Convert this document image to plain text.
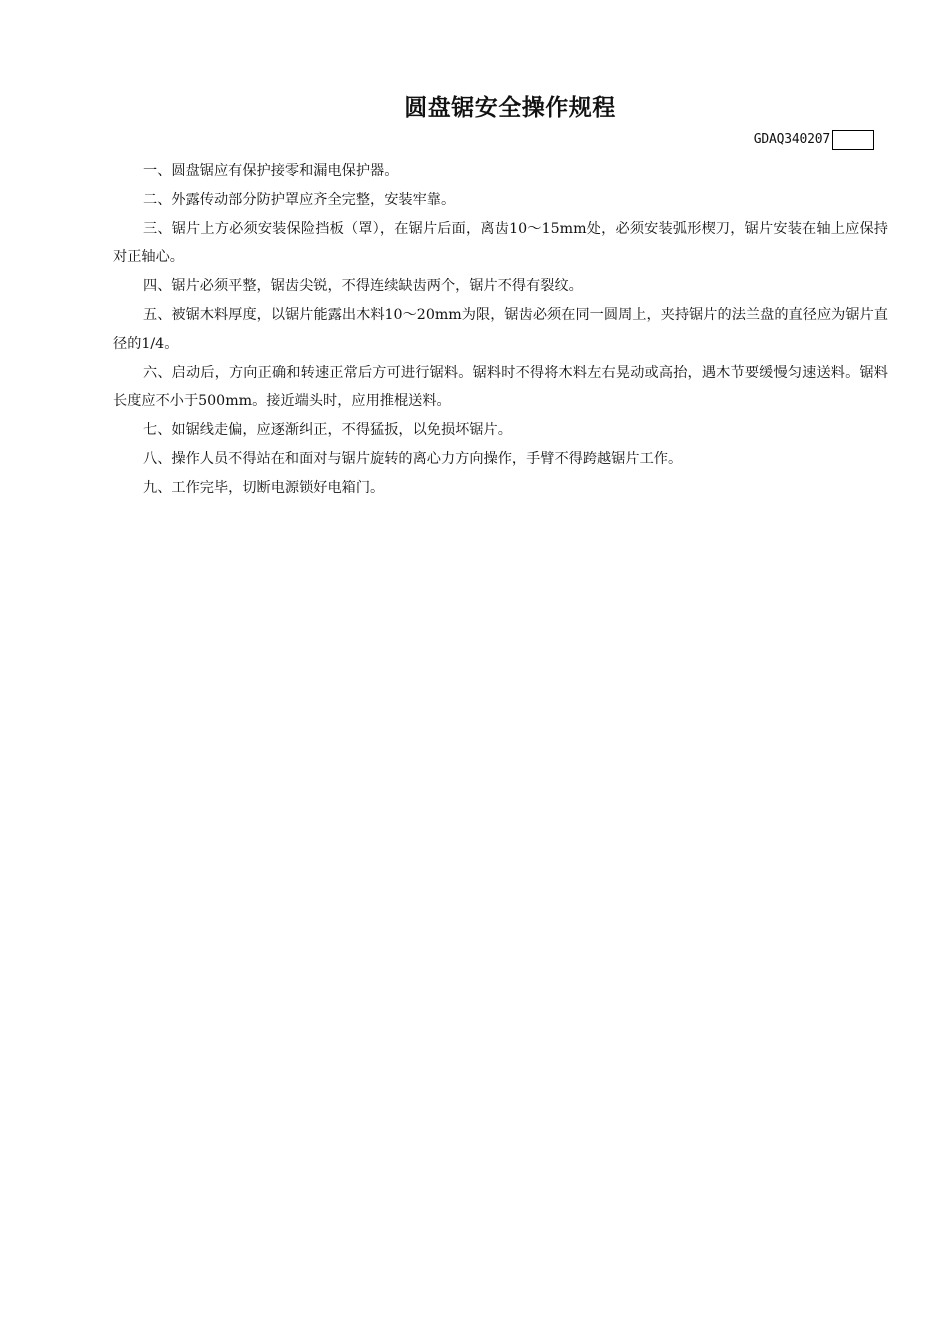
圆盘锯安全操作规程
GDAQ340207
一、圆盘锯应有保护接零和漏电保护器。
二、外露传动部分防护罩应齐全完整，安装牢靠。
三、锯片上方必须安装保险挡板（罩），在锯片后面，离齿10～15mm处，必须安装弧形楔刀，锯片安装在轴上应保持对正轴心。
四、锯片必须平整，锯齿尖锐，不得连续缺齿两个，锯片不得有裂纹。
五、被锯木料厚度，以锯片能露出木料10～20mm为限，锯齿必须在同一圆周上，夹持锯片的法兰盘的直径应为锯片直径的1/4。
六、启动后，方向正确和转速正常后方可进行锯料。锯料时不得将木料左右晃动或高抬，遇木节要缓慢匀速送料。锯料长度应不小于500mm。接近端头时，应用推棍送料。
七、如锯线走偏，应逐渐纠正，不得猛扳，以免损坏锯片。
八、操作人员不得站在和面对与锯片旋转的离心力方向操作，手臂不得跨越锯片工作。
九、工作完毕，切断电源锁好电箱门。
